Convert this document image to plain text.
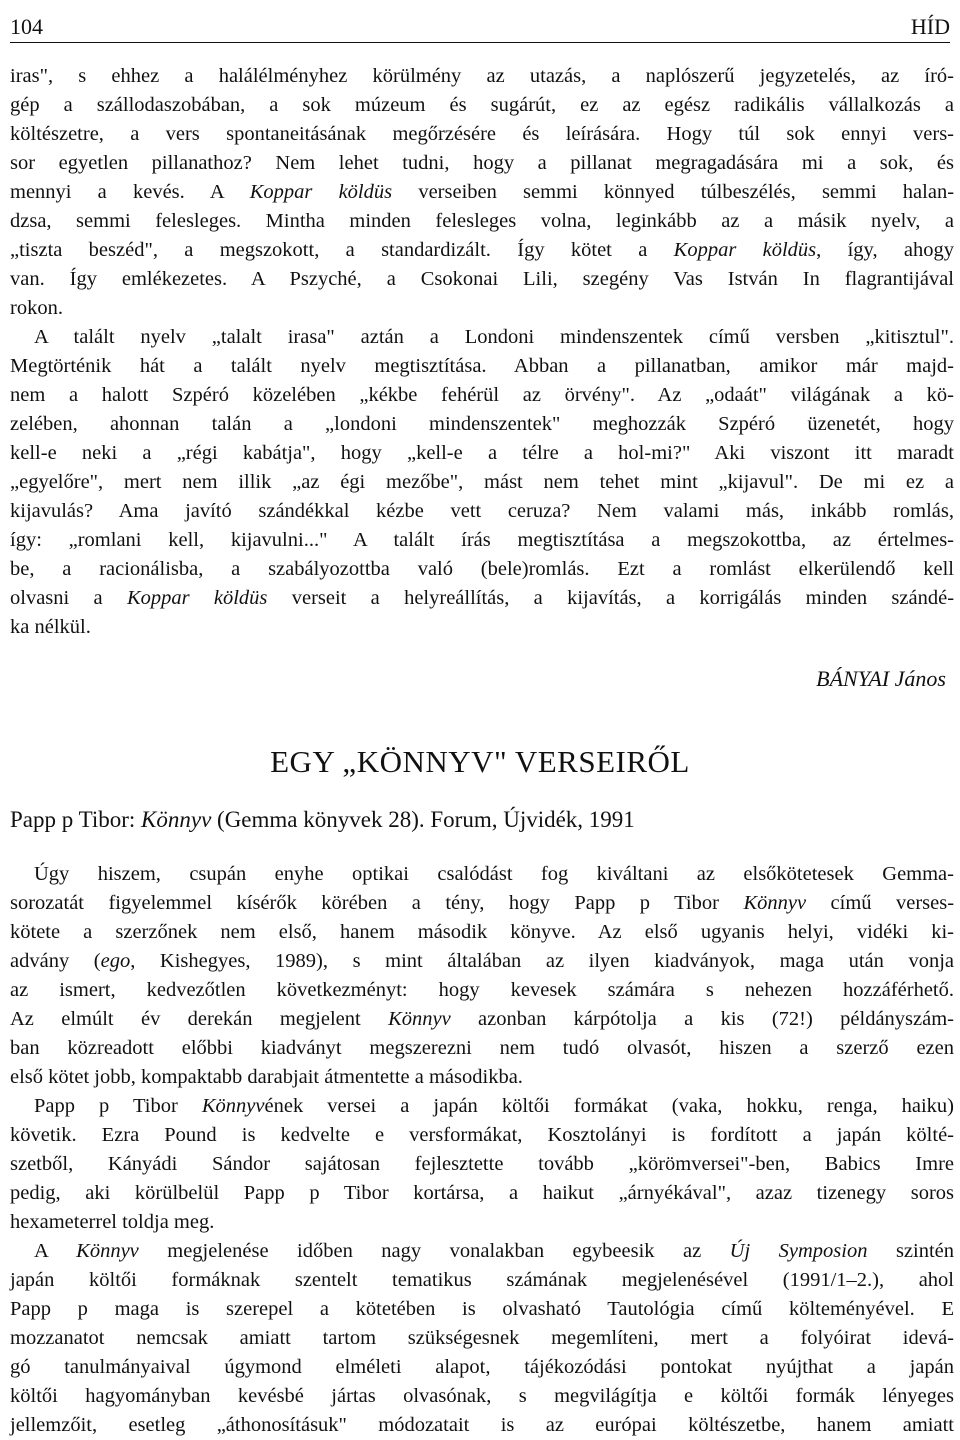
104	HÍD
iras", s ehhez a halálélményhez körülmény az utazás, a naplószerű jegyzetelés, az író-
gép a szállodaszobában, a sok múzeum és sugárút, ez az egész radikális vállalkozás a
költészetre, a vers spontaneitásának megőrzésére és leírására. Hogy túl sok ennyi vers-
sor egyetlen pillanathoz? Nem lehet tudni, hogy a pillanat megragadására mi a sok, és
mennyi a kevés. A Koppar köldüs verseiben semmi könnyed túlbeszélés, semmi halan-
dzsa, semmi felesleges. Mintha minden felesleges volna, leginkább az a másik nyelv, a
„tiszta beszéd", a megszokott, a standardizált. Így kötet a Koppar köldüs, így, ahogy
van. Így emlékezetes. A Pszyché, a Csokonai Lili, szegény Vas István In flagrantijával
rokon.
A talált nyelv „talalt irasa" aztán a Londoni mindenszentek című versben „kitisztul".
Megtörténik hát a talált nyelv megtisztítása. Abban a pillanatban, amikor már majd-
nem a halott Szpéró közelében „kékbe fehérül az örvény". Az „odaát" világának a kö-
zelében, ahonnan talán a „londoni mindenszentek" meghozzák Szpéró üzenetét, hogy
kell-e neki a „régi kabátja", hogy „kell-e a télre a hol-mi?" Aki viszont itt maradt
„egyelőre", mert nem illik „az égi mezőbe", mást nem tehet mint „kijavul". De mi ez a
kijavulás? Ama javító szándékkal kézbe vett ceruza? Nem valami más, inkább romlás,
így: „romlani kell, kijavulni..." A talált írás megtisztítása a megszokottba, az értelmes-
be, a racionálisba, a szabályozottba való (bele)romlás. Ezt a romlást elkerülendő kell
olvasni a Koppar köldüs verseit a helyreállítás, a kijavítás, a korrigálás minden szándé-
ka nélkül.
BÁNYAI János
EGY „KÖNNYV" VERSEIRŐL
Papp p Tibor: Könnyv (Gemma könyvek 28). Forum, Újvidék, 1991
Úgy hiszem, csupán enyhe optikai csalódást fog kiváltani az elsőkötetesek Gemma-
sorozatát figyelemmel kísérők körében a tény, hogy Papp p Tibor Könnyv című verses-
kötete a szerzőnek nem első, hanem második könyve. Az első ugyanis helyi, vidéki ki-
advány (ego, Kishegyes, 1989), s mint általában az ilyen kiadványok, maga után vonja
az ismert, kedvezőtlen következményt: hogy kevesek számára s nehezen hozzáférhető.
Az elmúlt év derekán megjelent Könnyv azonban kárpótolja a kis (72!) példányszám-
ban közreadott előbbi kiadványt megszerezni nem tudó olvasót, hiszen a szerző ezen
első kötet jobb, kompaktabb darabjait átmentette a másodikba.
Papp p Tibor Könnyvének versei a japán költői formákat (vaka, hokku, renga, haiku)
követik. Ezra Pound is kedvelte e versformákat, Kosztolányi is fordított a japán költé-
szetből, Kányádi Sándor sajátosan fejlesztette tovább „körömversei"-ben, Babics Imre
pedig, aki körülbelül Papp p Tibor kortársa, a haikut „árnyékával", azaz tizenegy soros
hexameterrel toldja meg.
A Könnyv megjelenése időben nagy vonalakban egybeesik az Új Symposion szintén
japán költői formáknak szentelt tematikus számának megjelenésével (1991/1–2.), ahol
Papp p maga is szerepel a kötetében is olvasható Tautológia című költeményével. E
mozzanatot nemcsak amiatt tartom szükségesnek megemlíteni, mert a folyóirat idevá-
gó tanulmányaival úgymond elméleti alapot, tájékozódási pontokat nyújthat a japán
költői hagyományban kevésbé jártas olvasónak, s megvilágítja e költői formák lényeges
jellemzőit, esetleg „áthonosításuk" módozatait is az európai költészetbe, hanem amiatt
